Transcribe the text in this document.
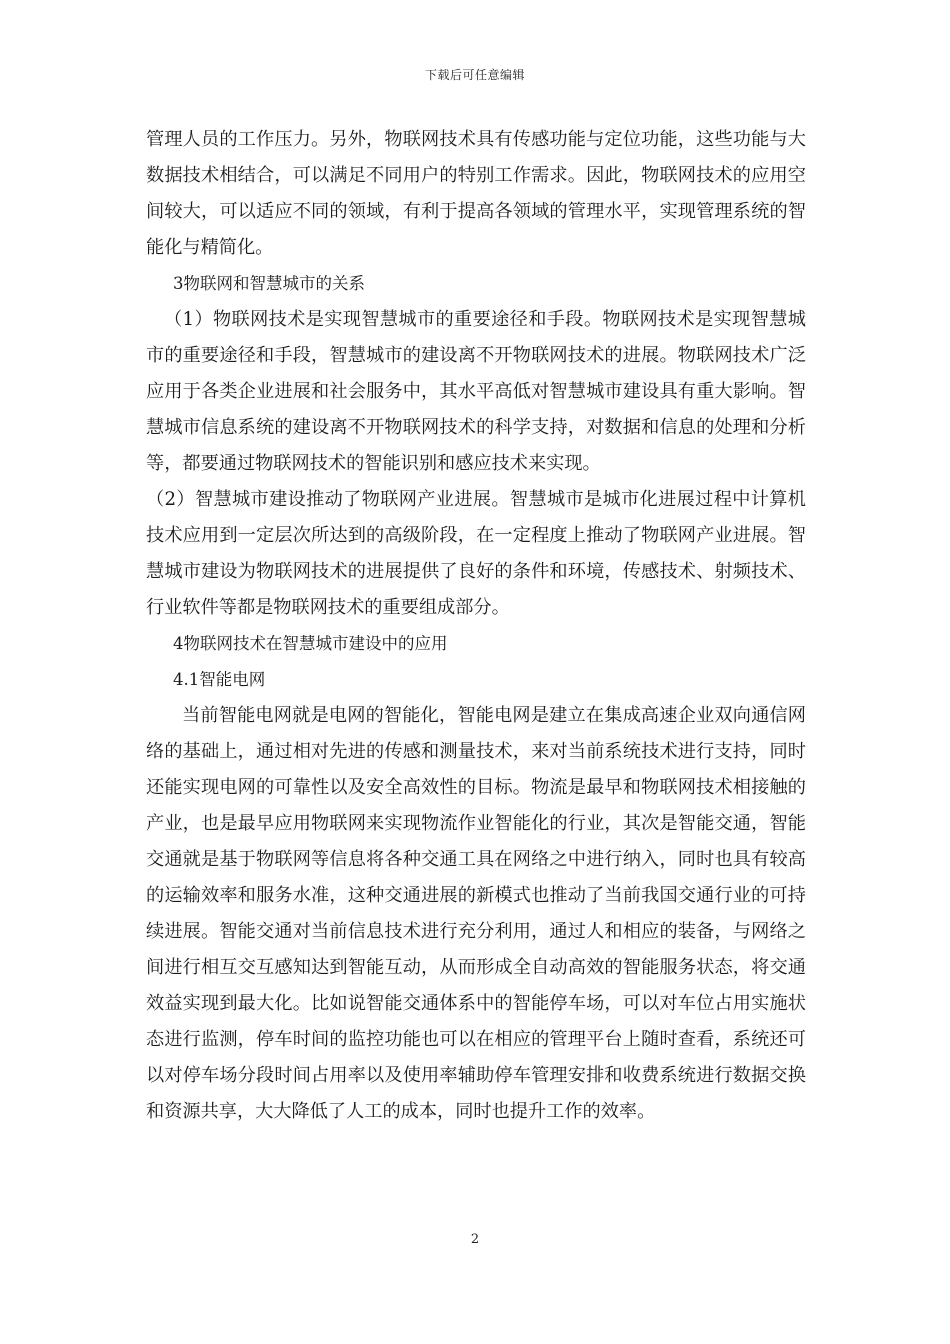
下载后可任意编辑

管理人员的工作压力。另外，物联网技术具有传感功能与定位功能，这些功能与大数据技术相结合，可以满足不同用户的特别工作需求。因此，物联网技术的应用空间较大，可以适应不同的领域，有利于提高各领域的管理水平，实现管理系统的智能化与精简化。

3物联网和智慧城市的关系

（1）物联网技术是实现智慧城市的重要途径和手段。物联网技术是实现智慧城市的重要途径和手段，智慧城市的建设离不开物联网技术的进展。物联网技术广泛应用于各类企业进展和社会服务中，其水平高低对智慧城市建设具有重大影响。智慧城市信息系统的建设离不开物联网技术的科学支持，对数据和信息的处理和分析等，都要通过物联网技术的智能识别和感应技术来实现。

（2）智慧城市建设推动了物联网产业进展。智慧城市是城市化进展过程中计算机技术应用到一定层次所达到的高级阶段，在一定程度上推动了物联网产业进展。智慧城市建设为物联网技术的进展提供了良好的条件和环境，传感技术、射频技术、行业软件等都是物联网技术的重要组成部分。

4物联网技术在智慧城市建设中的应用

4.1智能电网

当前智能电网就是电网的智能化，智能电网是建立在集成高速企业双向通信网络的基础上，通过相对先进的传感和测量技术，来对当前系统技术进行支持，同时还能实现电网的可靠性以及安全高效性的目标。物流是最早和物联网技术相接触的产业，也是最早应用物联网来实现物流作业智能化的行业，其次是智能交通，智能交通就是基于物联网等信息将各种交通工具在网络之中进行纳入，同时也具有较高的运输效率和服务水准，这种交通进展的新模式也推动了当前我国交通行业的可持续进展。智能交通对当前信息技术进行充分利用，通过人和相应的装备，与网络之间进行相互交互感知达到智能互动，从而形成全自动高效的智能服务状态，将交通效益实现到最大化。比如说智能交通体系中的智能停车场，可以对车位占用实施状态进行监测，停车时间的监控功能也可以在相应的管理平台上随时查看，系统还可以对停车场分段时间占用率以及使用率辅助停车管理安排和收费系统进行数据交换和资源共享，大大降低了人工的成本，同时也提升工作的效率。

2
